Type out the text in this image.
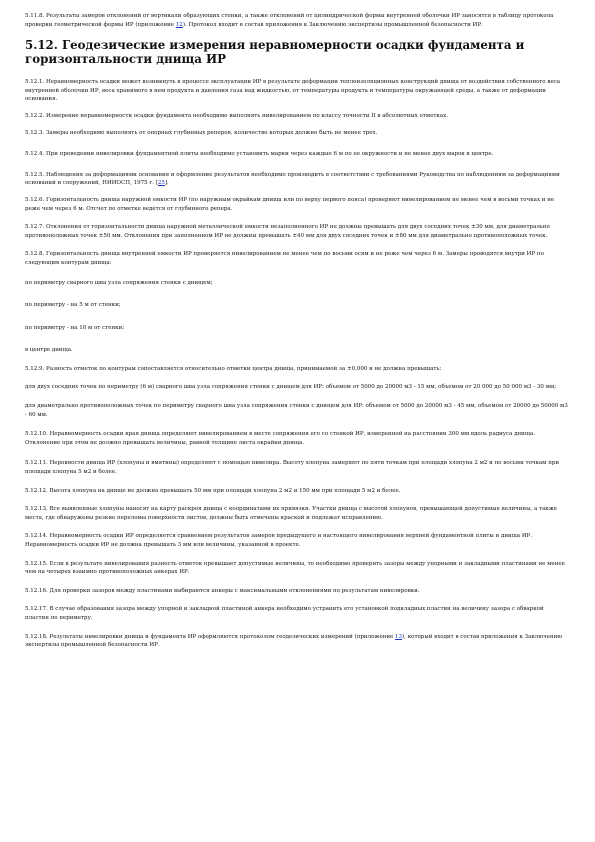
5.11.8. Результаты замеров отклонений от вертикали образующих стенки, а также отклонений от цилиндрической формы внутренней оболочки ИР заносятся в таблицу протокола проверки геометрической формы ИР (приложение 12). Протокол входит в состав приложения к Заключению экспертизы промышленной безопасности ИР.

5.12. Геодезические измерения неравномерности осадки фундамента и горизонтальности днища ИР

5.12.1. Неравномерность осадки может возникнуть в процессе эксплуатации ИР в результате деформации теплоизоляционных конструкций днища от воздействия собственного веса внутренней оболочки ИР, веса хранимого в нем продукта и давления газа над жидкостью, от температуры продукта и температуры окружающей среды, а также от деформации основания.

5.12.2. Измерение неравномерности осадки фундамента необходимо выполнять нивелированием по классу точности II в абсолютных отметках.

5.12.3. Замеры необходимо выполнять от опорных глубинных реперов, количество которых должно быть не менее трех.

5.12.4. При проведении нивелировки фундаментной плиты необходимо установить марки через каждые 6 м по ее окружности и не менее двух марок в центре.

5.12.5. Наблюдения за деформациями основания и оформление результатов необходимо производить в соответствии с требованиями Руководства по наблюдениям за деформациями оснований и сооружений, НИИОСП, 1975 г. [25].

5.12.6. Горизонтальность днища наружной емкости ИР (по наружным окрайкам днища или по верху первого пояса) проверяют нивелированием не менее чем в восьми точках и не реже чем через 6 м. Отсчет по отметке ведется от глубинного репера.

5.12.7. Отклонения от горизонтальности днища наружной металлической емкости незаполненного ИР не должны превышать для двух соседних точек ±30 мм, для диаметрально противоположных точек ±50 мм. Отклонения при заполненном ИР не должны превышать ±40 мм для двух соседних точек и ±80 мм для диаметрально противоположных точек.

5.12.8. Горизонтальность днища внутренней емкости ИР проверяется нивелированием не менее чем по восьми осям и не реже чем через 6 м. Замеры проводятся внутри ИР по следующим контурам днища:

по периметру сварного шва узла сопряжения стенки с днищем;

по периметру - на 5 м от стенки;

по периметру - на 10 м от стенки;

в центре днища.

5.12.9. Разность отметок по контурам сопоставляется относительно отметки центра днища, принимаемой за ±0,000 и не должна превышать:

для двух соседних точек по периметру (6 м) сварного шва узла сопряжения стенки с днищем для ИР: объемом от 5000 до 20000 м3 - 15 мм, объемом от 20 000 до 50 000 м3 - 30 мм;

для диаметрально противоположных точек по периметру сварного шва узла сопряжения стенки с днищем для ИР: объемом от 5000 до 20000 м3 - 45 мм, объемом от 20000 до 50000 м3 - 60 мм.

5.12.10. Неравномерность осадки края днища определяют нивелированием в месте сопряжения его со стенкой ИР, измеренной на расстоянии 300 мм вдоль радиуса днища. Отклонение при этом не должно превышать величины, равной толщине листа окрайки днища.

5.12.11. Неровности днища ИР (хлопуны и вмятины) определяют с помощью нивелира. Высоту хлопуна замеряют по пяти точкам при площади хлопуна 2 м2 и по восьми точкам при площади хлопуна 5 м2 и более.

5.12.12. Высота хлопуна на днище не должна превышать 50 мм при площади хлопуна 2 м2 и 150 мм при площади 5 м2 и более.

5.12.13. Все выявленные хлопуны наносят на карту раскроя днища с координатами их привязки. Участки днища с высотой хлопунов, превышающей допустимые величины, а также места, где обнаружены резкие переломы поверхности листов, должны быть отмечены краской и подлежат исправлению.

5.12.14. Неравномерность осадки ИР определяется сравнением результатов замеров предыдущего и настоящего нивелирования верхней фундаментной плиты и днища ИР. Неравномерность осадки ИР не должна превышать 3 мм или величины, указанной в проекте.

5.12.15. Если в результате нивелирования разность отметок превышает допустимые величины, то необходимо проверить зазоры между упорными и закладными пластинами не менее чем на четырех взаимно противоположных анкерах ИР.

5.12.16. Для проверки зазоров между пластинами выбираются анкеры с максимальными отклонениями по результатам нивелировки.

5.12.17. В случае образования зазора между упорной и закладной пластиной анкера необходимо устранить его установкой подкладных пластин на величину зазора с обваркой пластин по периметру.

5.12.18. Результаты нивелировки днища и фундамента ИР оформляются протоколом геодезических измерений (приложение 13), который входит в состав приложения к Заключению экспертизы промышленной безопасности ИР.
